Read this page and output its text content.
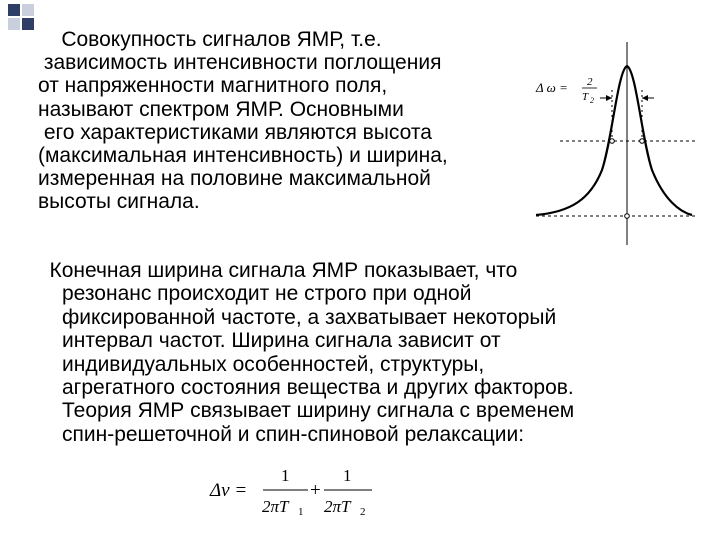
Совокупность сигналов ЯМР, т.е.
зависимость интенсивности поглощения
от напряженности магнитного поля,
называют спектром ЯМР. Основными
его характеристиками являются высота
(максимальная интенсивность) и ширина,
измеренная на половине максимальной
высоты сигнала.

Δ ω = 2
T 2

Конечная ширина сигнала ЯМР показывает, что
резонанс происходит не строго при одной
фиксированной частоте, а захватывает некоторый
интервал частот. Ширина сигнала зависит от
индивидуальных особенностей, структуры,
агрегатного состояния вещества и других факторов.
Теория ЯМР связывает ширину сигнала с временем
спин-решеточной и спин-спиновой релаксации:

Δν =
1
2πT 1
+
1
2πT 2
